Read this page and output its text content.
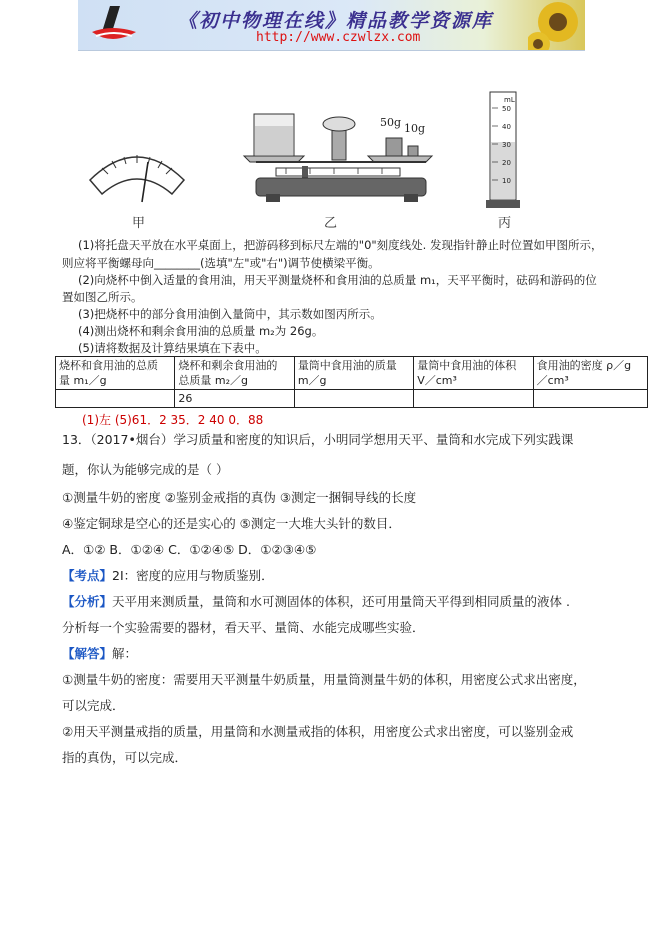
《初中物理在线》精品教学资源库
http://www.czwlzx.com
甲
50g 10g
乙
mL
50
40
30
20
10
丙
(1)将托盘天平放在水平桌面上，把游码移到标尺左端的"0"刻度线处. 发现指针静止时位置如甲图所示，
则应将平衡螺母向________(选填"左"或"右")调节使横梁平衡。
(2)向烧杯中倒入适量的食用油，用天平测量烧杯和食用油的总质量 m₁，天平平衡时，砝码和游码的位
置如图乙所示。
(3)把烧杯中的部分食用油倒入量筒中，其示数如图丙所示。
(4)测出烧杯和剩余食用油的总质量 m₂为 26g。
(5)请将数据及计算结果填在下表中。
烧杯和食用油的总质
量 m₁／g	烧杯和剩余食用油的
总质量 m₂／g	量筒中食用油的质量
m／g	量筒中食用油的体积
V／cm³	食用油的密度 ρ／g
／cm³
	26			
(1)左 (5)61．2 35．2 40 0．88
13．（2017•烟台）学习质量和密度的知识后，小明同学想用天平、量筒和水完成下列实践课
题，你认为能够完成的是（ ）
①测量牛奶的密度 ②鉴别金戒指的真伪 ③测定一捆铜导线的长度
④鉴定铜球是空心的还是实心的 ⑤测定一大堆大头针的数目．
A．①② B．①②④ C．①②④⑤ D．①②③④⑤
【考点】2I：密度的应用与物质鉴别．
【分析】天平用来测质量，量筒和水可测固体的体积，还可用量筒天平得到相同质量的液体 .
分析每一个实验需要的器材，看天平、量筒、水能完成哪些实验．
【解答】解：
①测量牛奶的密度：需要用天平测量牛奶质量，用量筒测量牛奶的体积，用密度公式求出密度，
可以完成．
②用天平测量戒指的质量，用量筒和水测量戒指的体积，用密度公式求出密度，可以鉴别金戒
指的真伪，可以完成．
